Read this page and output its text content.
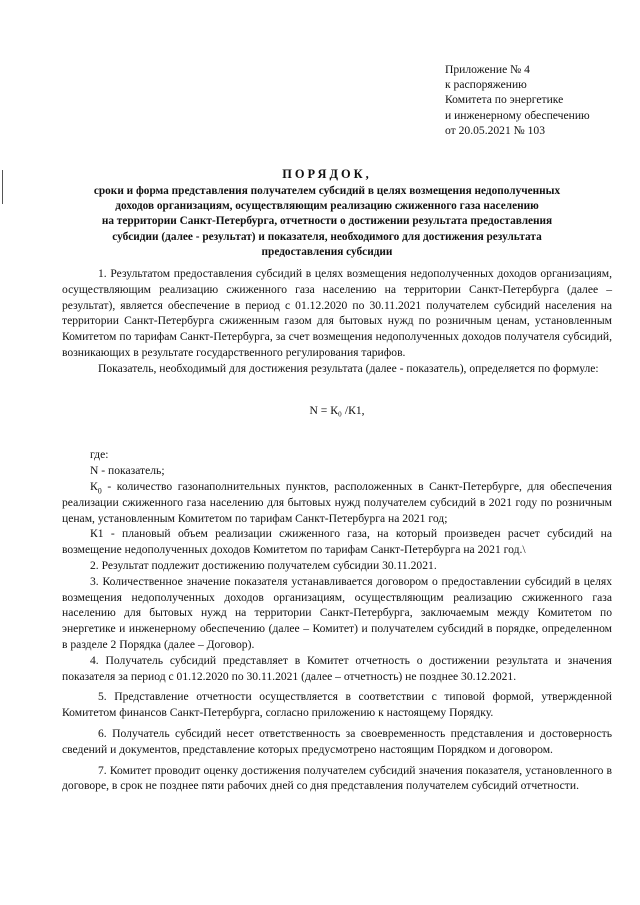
Приложение № 4
к распоряжению
Комитета по энергетике
и инженерному обеспечению
от 20.05.2021 № 103
ПОРЯДОК,
сроки и форма представления получателем субсидий в целях возмещения недополученных
доходов организациям, осуществляющим реализацию сжиженного газа населению
на территории Санкт-Петербурга, отчетности о достижении результата предоставления
субсидии (далее - результат) и показателя, необходимого для достижения результата
предоставления субсидии

1. Результатом предоставления субсидий в целях возмещения недополученных доходов организациям, осуществляющим реализацию сжиженного газа населению на территории Санкт-Петербурга (далее – результат), является обеспечение в период с 01.12.2020 по 30.11.2021 получателем субсидий населения на территории Санкт-Петербурга сжиженным газом для бытовых нужд по розничным ценам, установленным Комитетом по тарифам Санкт-Петербурга, за счет возмещения недополученных доходов получателя субсидий, возникающих в результате государственного регулирования тарифов.

Показатель, необходимый для достижения результата (далее - показатель), определяется по формуле:

N = К₀ /К1,

где:

N - показатель;

$К_0$ - количество газонаполнительных пунктов, расположенных в Санкт-Петербурге, для обеспечения реализации сжиженного газа населению для бытовых нужд получателем субсидий в 2021 году по розничным ценам, установленным Комитетом по тарифам Санкт-Петербурга на 2021 год;

К1 - плановый объем реализации сжиженного газа, на который произведен расчет субсидий на возмещение недополученных доходов Комитетом по тарифам Санкт-Петербурга на 2021 год.\

2. Результат подлежит достижению получателем субсидии 30.11.2021.

3. Количественное значение показателя устанавливается договором о предоставлении субсидий в целях возмещения недополученных доходов организациям, осуществляющим реализацию сжиженного газа населению для бытовых нужд на территории Санкт-Петербурга, заключаемым между Комитетом по энергетике и инженерному обеспечению (далее – Комитет) и получателем субсидий в порядке, определенном в разделе 2 Порядка (далее – Договор).

4. Получатель субсидий представляет в Комитет отчетность о достижении результата и значения показателя за период с 01.12.2020 по 30.11.2021 (далее – отчетность) не позднее 30.12.2021.

5. Представление отчетности осуществляется в соответствии с типовой формой, утвержденной Комитетом финансов Санкт-Петербурга, согласно приложению к настоящему Порядку.

6. Получатель субсидий несет ответственность за своевременность представления и достоверность сведений и документов, представление которых предусмотрено настоящим Порядком и договором.

7. Комитет проводит оценку достижения получателем субсидий значения показателя, установленного в договоре, в срок не позднее пяти рабочих дней со дня представления получателем субсидий отчетности.
